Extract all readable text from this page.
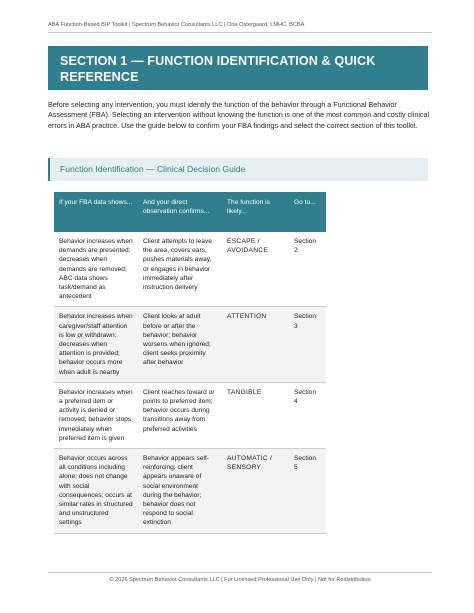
ABA Function-Based BIP Toolkit | Spectrum Behavior Consultants LLC | Oria Ostergaard, LMHC, BCBA
SECTION 1 — FUNCTION IDENTIFICATION & QUICK REFERENCE

Before selecting any intervention, you must identify the function of the behavior through a Functional Behavior Assessment (FBA). Selecting an intervention without knowing the function is one of the most common and costly clinical errors in ABA practice. Use the guide below to confirm your FBA findings and select the correct section of this toolkit.

Function Identification — Clinical Decision Guide
If your FBA data shows...	And your direct observation confirms...	The function is likely...	Go to...
Behavior increases when demands are presented; decreases when demands are removed; ABC data shows task/demand as antecedent	Client attempts to leave the area, covers ears, pushes materials away, or engages in behavior immediately after instruction delivery	ESCAPE / AVOIDANCE	Section 2
Behavior increases when caregiver/staff attention is low or withdrawn; decreases when attention is provided; behavior occurs more when adult is nearby	Client looks at adult before or after the behavior; behavior worsens when ignored; client seeks proximity after behavior	ATTENTION	Section 3
Behavior increases when a preferred item or activity is denied or removed; behavior stops immediately when preferred item is given	Client reaches toward or points to preferred item; behavior occurs during transitions away from preferred activities	TANGIBLE	Section 4
Behavior occurs across all conditions including alone; does not change with social consequences; occurs at similar rates in structured and unstructured settings	Behavior appears self-reinforcing; client appears unaware of social environment during the behavior; behavior does not respond to social extinction	AUTOMATIC / SENSORY	Section 5
© 2026 Spectrum Behavior Consultants LLC | For Licensed Professional Use Only | Not for Redistribution
